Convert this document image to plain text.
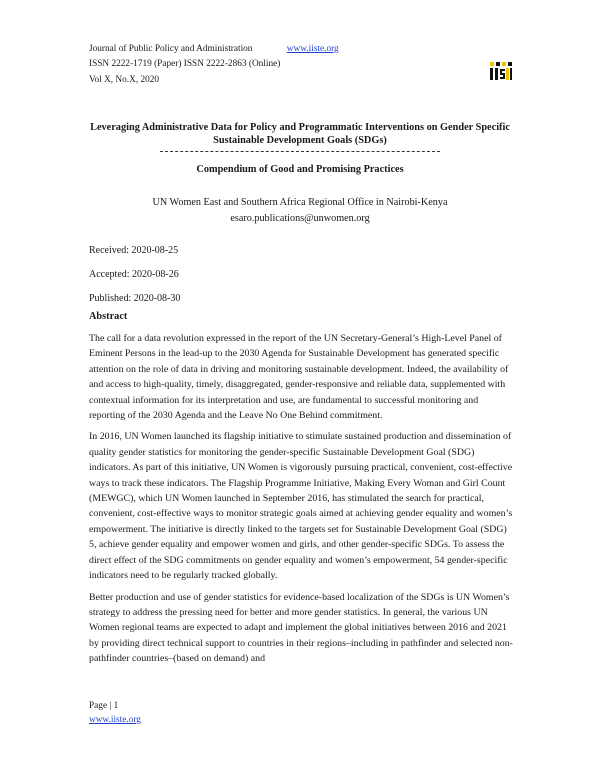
Journal of Public Policy and Administration	www.iiste.org
ISSN 2222-1719 (Paper) ISSN 2222-2863 (Online)
Vol X, No.X, 2020
Leveraging Administrative Data for Policy and Programmatic Interventions on Gender Specific Sustainable Development Goals (SDGs)
Compendium of Good and Promising Practices
UN Women East and Southern Africa Regional Office in Nairobi-Kenya
esaro.publications@unwomen.org
Received: 2020-08-25
Accepted: 2020-08-26
Published: 2020-08-30
Abstract

The call for a data revolution expressed in the report of the UN Secretary-General’s High-Level Panel of Eminent Persons in the lead-up to the 2030 Agenda for Sustainable Development has generated specific attention on the role of data in driving and monitoring sustainable development. Indeed, the availability of and access to high-quality, timely, disaggregated, gender-responsive and reliable data, supplemented with contextual information for its interpretation and use, are fundamental to successful monitoring and reporting of the 2030 Agenda and the Leave No One Behind commitment.

In 2016, UN Women launched its flagship initiative to stimulate sustained production and dissemination of quality gender statistics for monitoring the gender-specific Sustainable Development Goal (SDG) indicators. As part of this initiative, UN Women is vigorously pursuing practical, convenient, cost-effective ways to track these indicators. The Flagship Programme Initiative, Making Every Woman and Girl Count (MEWGC), which UN Women launched in September 2016, has stimulated the search for practical, convenient, cost-effective ways to monitor strategic goals aimed at achieving gender equality and women’s empowerment. The initiative is directly linked to the targets set for Sustainable Development Goal (SDG) 5, achieve gender equality and empower women and girls, and other gender-specific SDGs. To assess the direct effect of the SDG commitments on gender equality and women’s empowerment, 54 gender-specific indicators need to be regularly tracked globally.

Better production and use of gender statistics for evidence-based localization of the SDGs is UN Women’s strategy to address the pressing need for better and more gender statistics. In general, the various UN Women regional teams are expected to adapt and implement the global initiatives between 2016 and 2021 by providing direct technical support to countries in their regions–including in pathfinder and selected non-pathfinder countries–(based on demand) and

Page | 1
www.iiste.org
